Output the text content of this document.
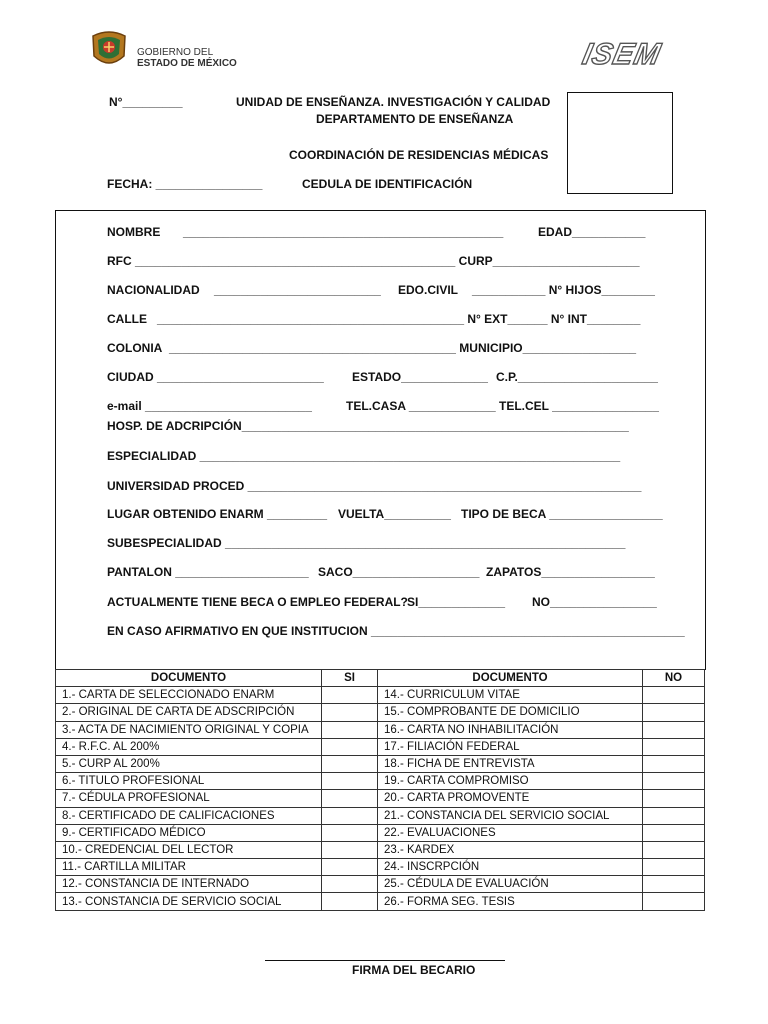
GOBIERNO DEL
ESTADO DE MÉXICO	ISEM
N°_________	UNIDAD DE ENSEÑANZA. INVESTIGACIÓN Y CALIDAD
DEPARTAMENTO DE ENSEÑANZA
COORDINACIÓN DE RESIDENCIAS MÉDICAS
FECHA: ________________	CEDULA DE IDENTIFICACIÓN
NOMBRE ________________________________________________	EDAD___________
RFC ________________________________________________ CURP______________________
NACIONALIDAD _________________________ EDO.CIVIL ___________ N° HIJOS________
CALLE ______________________________________________ N° EXT______ N° INT________
COLONIA ___________________________________________ MUNICIPIO_________________
CIUDAD _________________________ ESTADO_____________ C.P._____________________
e-mail _________________________	TEL.CASA _____________ TEL.CEL ________________
HOSP. DE ADCRIPCIÓN__________________________________________________________
ESPECIALIDAD _______________________________________________________________
UNIVERSIDAD PROCED ___________________________________________________________
LUGAR OBTENIDO ENARM _________ VUELTA__________ TIPO DE BECA _________________
SUBESPECIALIDAD ____________________________________________________________
PANTALON ____________________ SACO___________________ ZAPATOS_________________
ACTUALMENTE TIENE BECA O EMPLEO FEDERAL? SI_____________ NO________________
EN CASO AFIRMATIVO EN QUE INSTITUCION _______________________________________________
DOCUMENTO	SI	DOCUMENTO	NO
1.- CARTA DE SELECCIONADO ENARM		14.- CURRICULUM VITAE	
2.- ORIGINAL DE CARTA DE ADSCRIPCIÓN		15.- COMPROBANTE DE DOMICILIO	
3.- ACTA DE NACIMIENTO ORIGINAL Y COPIA		16.- CARTA NO INHABILITACIÓN	
4.- R.F.C. AL 200%		17.- FILIACIÓN FEDERAL	
5.- CURP AL 200%		18.- FICHA DE ENTREVISTA	
6.- TITULO PROFESIONAL		19.- CARTA COMPROMISO	
7.- CÉDULA PROFESIONAL		20.- CARTA PROMOVENTE	
8.- CERTIFICADO DE CALIFICACIONES		21.- CONSTANCIA DEL SERVICIO SOCIAL	
9.- CERTIFICADO MÉDICO		22.- EVALUACIONES	
10.- CREDENCIAL DEL LECTOR		23.- KARDEX	
11.- CARTILLA MILITAR		24.- INSCRPCIÓN	
12.- CONSTANCIA DE INTERNADO		25.- CÉDULA DE EVALUACIÓN	
13.- CONSTANCIA DE SERVICIO SOCIAL		26.- FORMA SEG. TESIS	
FIRMA DEL BECARIO
